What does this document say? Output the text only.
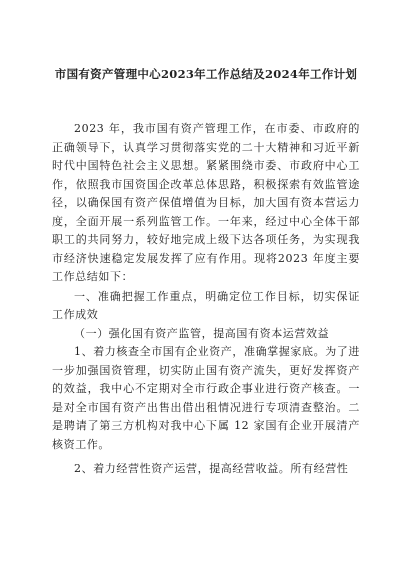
市国有资产管理中心2023年工作总结及2024年工作计划

2023 年，我市国有资产管理工作，在市委、市政府的正确领导下，认真学习贯彻落实党的二十大精神和习近平新时代中国特色社会主义思想。紧紧围绕市委、市政府中心工作，依照我市国资国企改革总体思路，积极探索有效监管途径，以确保国有资产保值增值为目标，加大国有资本营运力度，全面开展一系列监管工作。一年来，经过中心全体干部职工的共同努力，较好地完成上级下达各项任务，为实现我市经济快速稳定发展发挥了应有作用。现将2023 年度主要工作总结如下：

一、准确把握工作重点，明确定位工作目标，切实保证工作成效

（一）强化国有资产监管，提高国有资本运营效益

1、着力核查全市国有企业资产，准确掌握家底。为了进一步加强国资管理，切实防止国有资产流失，更好发挥资产的效益，我中心不定期对全市行政企事业进行资产核查。一是对全市国有资产出售出借出租情况进行专项清查整治。二是聘请了第三方机构对我中心下属 12 家国有企业开展清产核资工作。

2、着力经营性资产运营，提高经营收益。所有经营性
